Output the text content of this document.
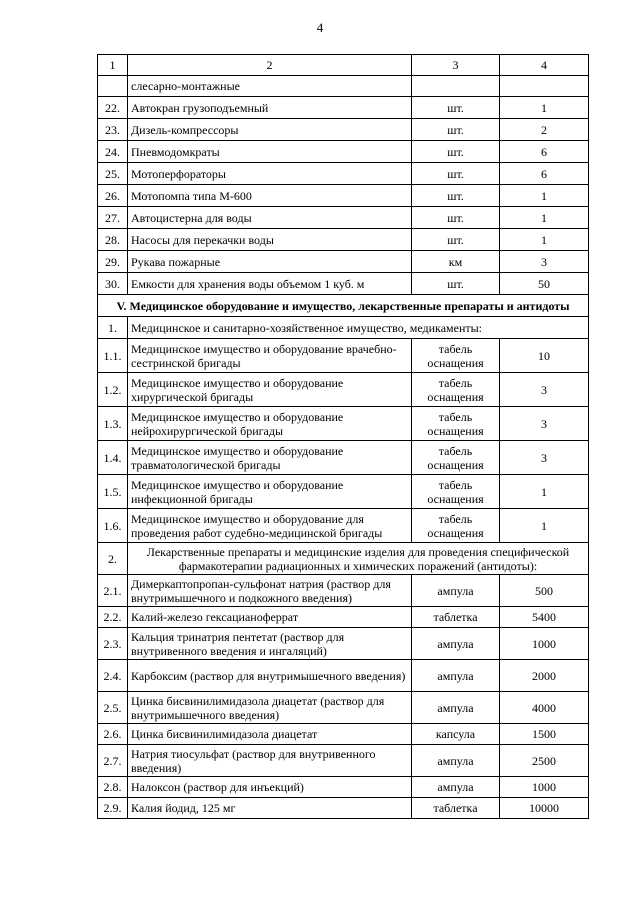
4
1	2	3	4
	слесарно-монтажные		
22.	Автокран грузоподъемный	шт.	1
23.	Дизель-компрессоры	шт.	2
24.	Пневмодомкраты	шт.	6
25.	Мотоперфораторы	шт.	6
26.	Мотопомпа типа М-600	шт.	1
27.	Автоцистерна для воды	шт.	1
28.	Насосы для перекачки воды	шт.	1
29.	Рукава пожарные	км	3
30.	Емкости для хранения воды объемом 1 куб. м	шт.	50
V. Медицинское оборудование и имущество, лекарственные препараты и антидоты			
1.	Медицинское и санитарно-хозяйственное имущество, медикаменты:		
1.1.	Медицинское имущество и оборудование врачебно-сестринской бригады	табель оснащения	10
1.2.	Медицинское имущество и оборудование хирургической бригады	табель оснащения	3
1.3.	Медицинское имущество и оборудование нейрохирургической бригады	табель оснащения	3
1.4.	Медицинское имущество и оборудование травматологической бригады	табель оснащения	3
1.5.	Медицинское имущество и оборудование инфекционной бригады	табель оснащения	1
1.6.	Медицинское имущество и оборудование для проведения работ судебно-медицинской бригады	табель оснащения	1
2.	Лекарственные препараты и медицинские изделия для проведения специфической фармакотерапии радиационных и химических поражений (антидоты):		
2.1.	Димеркаптопропан-сульфонат натрия (раствор для внутримышечного и подкожного введения)	ампула	500
2.2.	Калий-железо гексацианоферрат	таблетка	5400
2.3.	Кальция тринатрия пентетат (раствор для внутривенного введения и ингаляций)	ампула	1000
2.4.	Карбоксим (раствор для внутримышечного введения)	ампула	2000
2.5.	Цинка бисвинилимидазола диацетат (раствор для внутримышечного введения)	ампула	4000
2.6.	Цинка бисвинилимидазола диацетат	капсула	1500
2.7.	Натрия тиосульфат (раствор для внутривенного введения)	ампула	2500
2.8.	Налоксон (раствор для инъекций)	ампула	1000
2.9.	Калия йодид, 125 мг	таблетка	10000
